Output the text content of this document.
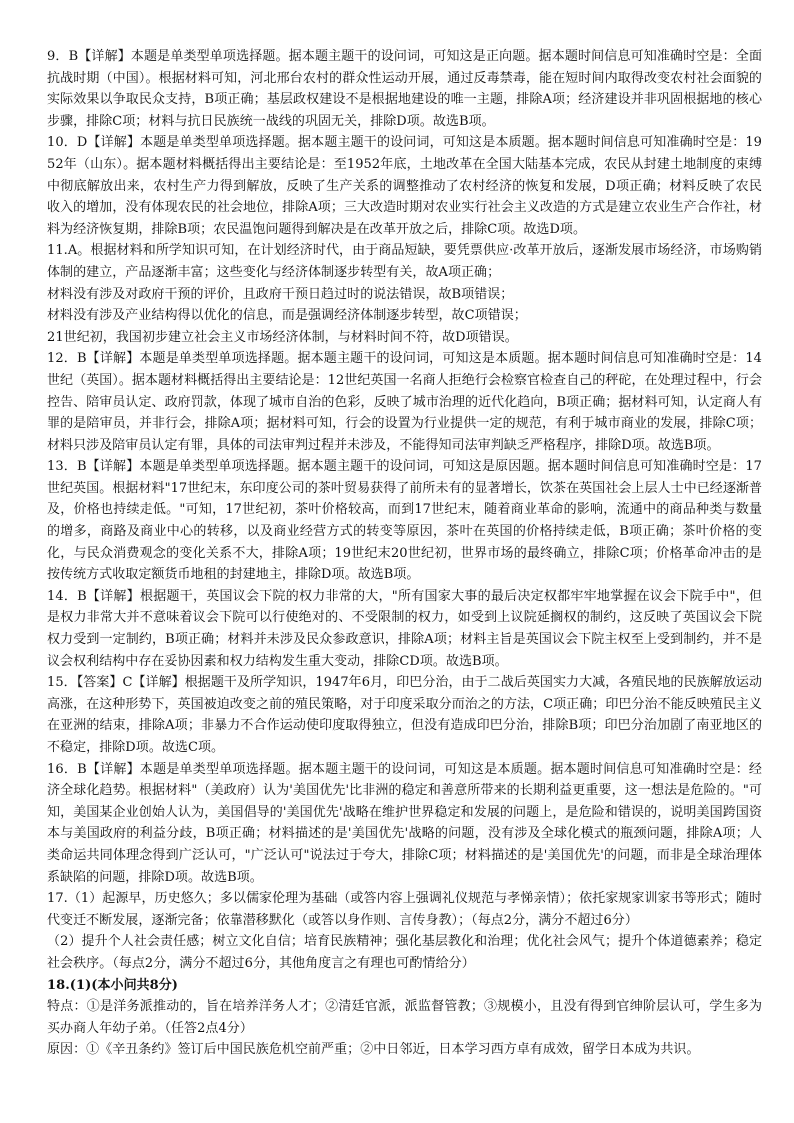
9．B【详解】本题是单类型单项选择题。据本题主题干的设问词，可知这是正向题。据本题时间信息可知准确时空是：全面抗战时期（中国）。根据材料可知，河北邢台农村的群众性运动开展，通过反毒禁毒，能在短时间内取得改变农村社会面貌的实际效果以争取民众支持，B项正确；基层政权建设不是根据地建设的唯一主题，排除A项；经济建设并非巩固根据地的核心步骤，排除C项；材料与抗日民族统一战线的巩固无关，排除D项。故选B项。

10．D【详解】本题是单类型单项选择题。据本题主题干的设问词，可知这是本质题。据本题时间信息可知准确时空是：1952年（山东）。据本题材料概括得出主要结论是：至1952年底，土地改革在全国大陆基本完成，农民从封建土地制度的束缚中彻底解放出来，农村生产力得到解放，反映了生产关系的调整推动了农村经济的恢复和发展，D项正确；材料反映了农民收入的增加，没有体现农民的社会地位，排除A项；三大改造时期对农业实行社会主义改造的方式是建立农业生产合作社，材料为经济恢复期，排除B项；农民温饱问题得到解决是在改革开放之后，排除C项。故选D项。

11.A。根据材料和所学知识可知，在计划经济时代，由于商品短缺，要凭票供应·改革开放后，逐渐发展市场经济，市场购销体制的建立，产品逐渐丰富；这些变化与经济体制逐步转型有关，故A项正确；

材料没有涉及对政府干预的评价，且政府干预日趋过时的说法错误，故B项错误；

材料没有涉及产业结构得以优化的信息，而是强调经济体制逐步转型，故C项错误；

21世纪初，我国初步建立社会主义市场经济体制，与材料时间不符，故D项错误。

12．B【详解】本题是单类型单项选择题。据本题主题干的设问词，可知这是本质题。据本题时间信息可知准确时空是：14世纪（英国）。据本题材料概括得出主要结论是：12世纪英国一名商人拒绝行会检察官检查自己的秤砣，在处理过程中，行会控告、陪审员认定、政府罚款，体现了城市自治的色彩，反映了城市治理的近代化趋向，B项正确；据材料可知，认定商人有罪的是陪审员，并非行会，排除A项；据材料可知，行会的设置为行业提供一定的规范，有利于城市商业的发展，排除C项；材料只涉及陪审员认定有罪，具体的司法审判过程并未涉及，不能得知司法审判缺乏严格程序，排除D项。故选B项。

13．B【详解】本题是单类型单项选择题。据本题主题干的设问词，可知这是原因题。据本题时间信息可知准确时空是：17世纪英国。根据材料"17世纪末，东印度公司的茶叶贸易获得了前所未有的显著增长，饮茶在英国社会上层人士中已经逐渐普及，价格也持续走低。"可知，17世纪初，茶叶价格较高，而到17世纪末，随着商业革命的影响，流通中的商品种类与数量的增多，商路及商业中心的转移，以及商业经营方式的转变等原因，茶叶在英国的价格持续走低，B项正确；茶叶价格的变化，与民众消费观念的变化关系不大，排除A项；19世纪末20世纪初，世界市场的最终确立，排除C项；价格革命冲击的是按传统方式收取定额货币地租的封建地主，排除D项。故选B项。

14．B【详解】根据题干，英国议会下院的权力非常的大，"所有国家大事的最后决定权都牢牢地掌握在议会下院手中"，但是权力非常大并不意味着议会下院可以行使绝对的、不受限制的权力，如受到上议院延搁权的制约，这反映了英国议会下院权力受到一定制约，B项正确；材料并未涉及民众参政意识，排除A项；材料主旨是英国议会下院主权至上受到制约，并不是议会权利结构中存在妥协因素和权力结构发生重大变动，排除CD项。故选B项。

15．【答案】C【详解】根据题干及所学知识，1947年6月，印巴分治，由于二战后英国实力大减，各殖民地的民族解放运动高涨，在这种形势下，英国被迫改变之前的殖民策略，对于印度采取分而治之的方法，C项正确；印巴分治不能反映殖民主义在亚洲的结束，排除A项；非暴力不合作运动使印度取得独立，但没有造成印巴分治，排除B项；印巴分治加剧了南亚地区的不稳定，排除D项。故选C项。

16．B【详解】本题是单类型单项选择题。据本题主题干的设问词，可知这是本质题。据本题时间信息可知准确时空是：经济全球化趋势。根据材料"（美政府）认为'美国优先'比非洲的稳定和善意所带来的长期利益更重要，这一想法是危险的。"可知，美国某企业创始人认为，美国倡导的'美国优先'战略在维护世界稳定和发展的问题上，是危险和错误的，说明美国跨国资本与美国政府的利益分歧，B项正确；材料描述的是'美国优先'战略的问题，没有涉及全球化模式的瓶颈问题，排除A项；人类命运共同体理念得到广泛认可，"广泛认可"说法过于夸大，排除C项；材料描述的是'美国优先'的问题，而非是全球治理体系缺陷的问题，排除D项。故选B项。

17.（1）起源早，历史悠久；多以儒家伦理为基础（或答内容上强调礼仪规范与孝悌亲情）；依托家规家训家书等形式；随时代变迁不断发展，逐渐完备；依靠潜移默化（或答以身作则、言传身教）；（每点2分，满分不超过6分）

（2）提升个人社会责任感；树立文化自信；培育民族精神；强化基层教化和治理；优化社会风气；提升个体道德素养；稳定社会秩序。（每点2分，满分不超过6分，其他角度言之有理也可酌情给分）

18.(1)(本小问共8分)

特点：①是洋务派推动的，旨在培养洋务人才；②清廷官派，派监督管教；③规模小，且没有得到官绅阶层认可，学生多为买办商人年幼子弟。（任答2点4分）

原因：①《辛丑条约》签订后中国民族危机空前严重；②中日邻近，日本学习西方卓有成效，留学日本成为共识。
